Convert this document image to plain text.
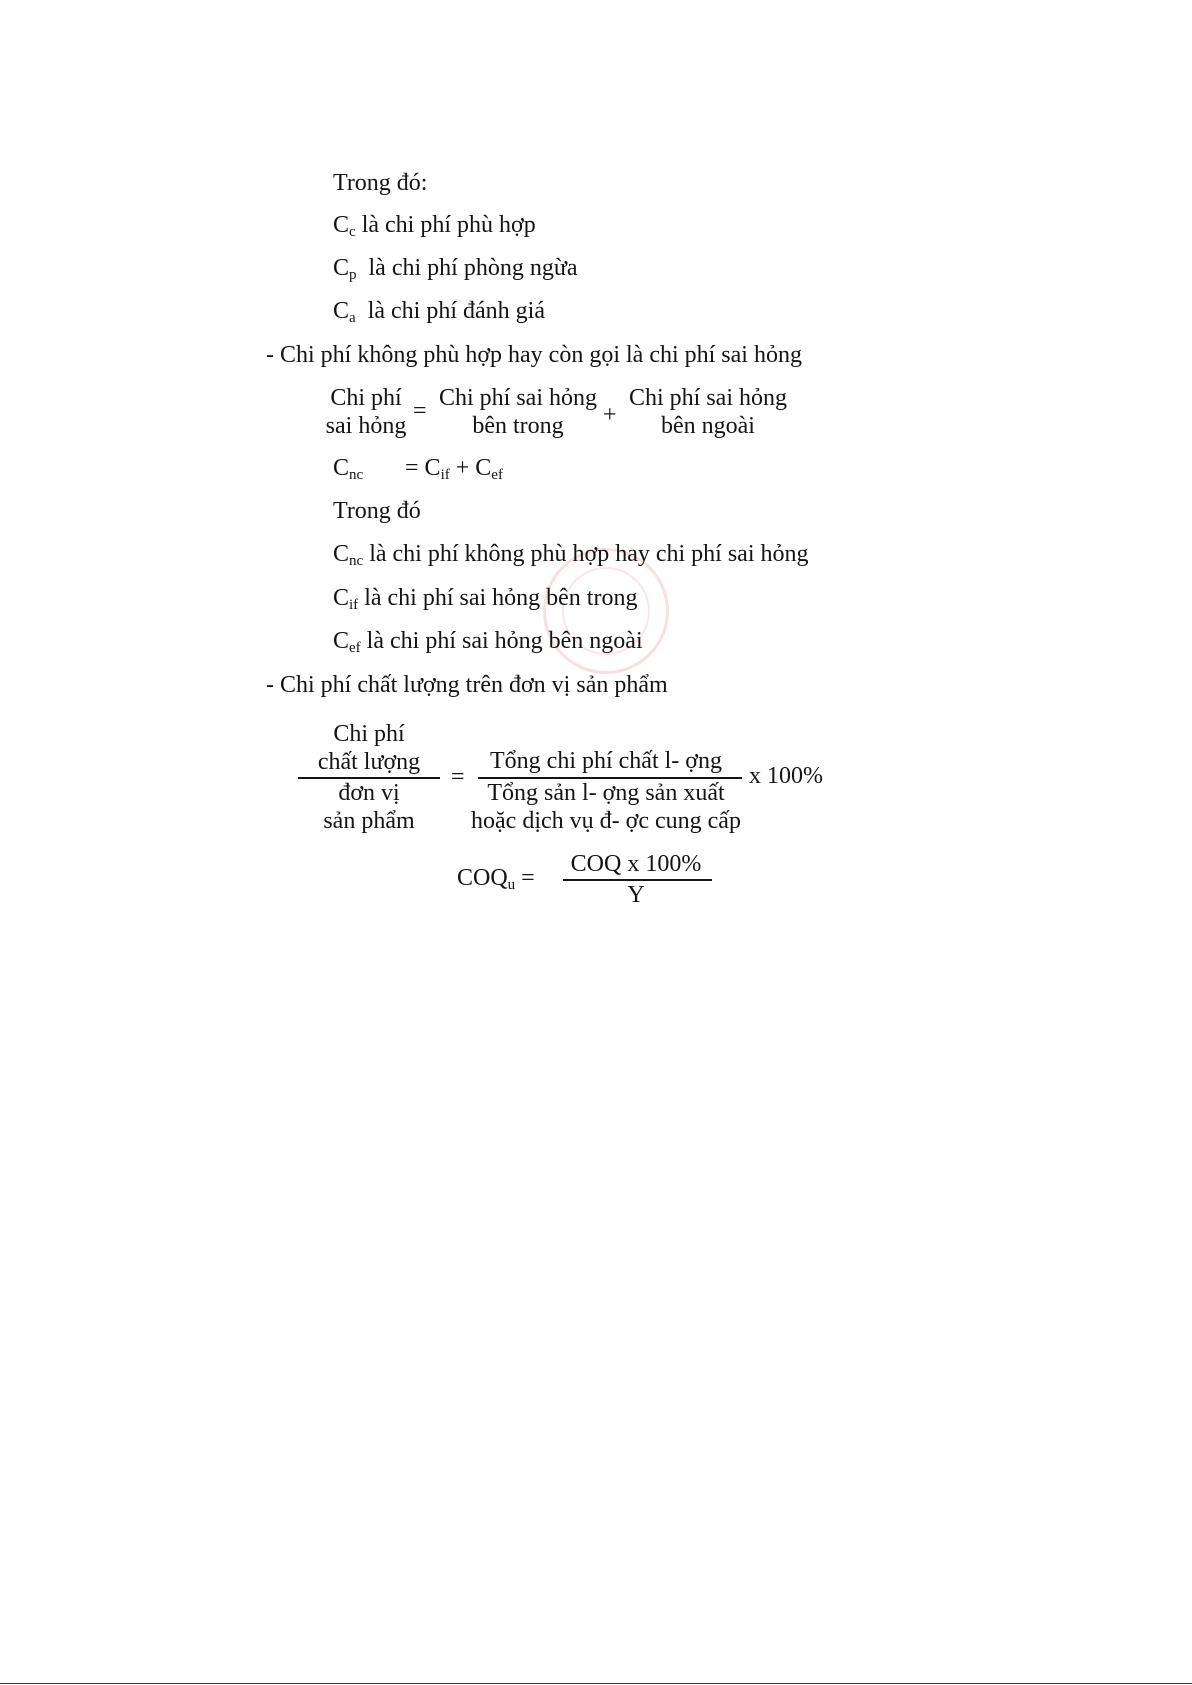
Trong đó:
$C_c$ là chi phí phù hợp
$C_p$  là chi phí phòng ngừa
$C_a$  là chi phí đánh giá
- Chi phí không phù hợp hay còn gọi là chi phí sai hỏng
Chi phí
sai hỏng
= Chi phí sai hỏng
bên trong	+
Chi phí sai hỏng
bên ngoài
$C_{nc} = C_{if} + C_{ef}$
Trong đó
$C_{nc}$ là chi phí không phù hợp hay chi phí sai hỏng
$C_{if}$ là chi phí sai hỏng bên trong
$C_{ef}$ là chi phí sai hỏng bên ngoài
- Chi phí chất lượng trên đơn vị sản phẩm
Chi phí
chất lượng
đơn vị
sản phẩm
=
Tổng chi phí chất l- ợng
Tổng sản l- ợng sản xuất
hoặc dịch vụ đ- ợc cung cấp
x 100%
$COQ_u$ =
COQ x 100%
Y
